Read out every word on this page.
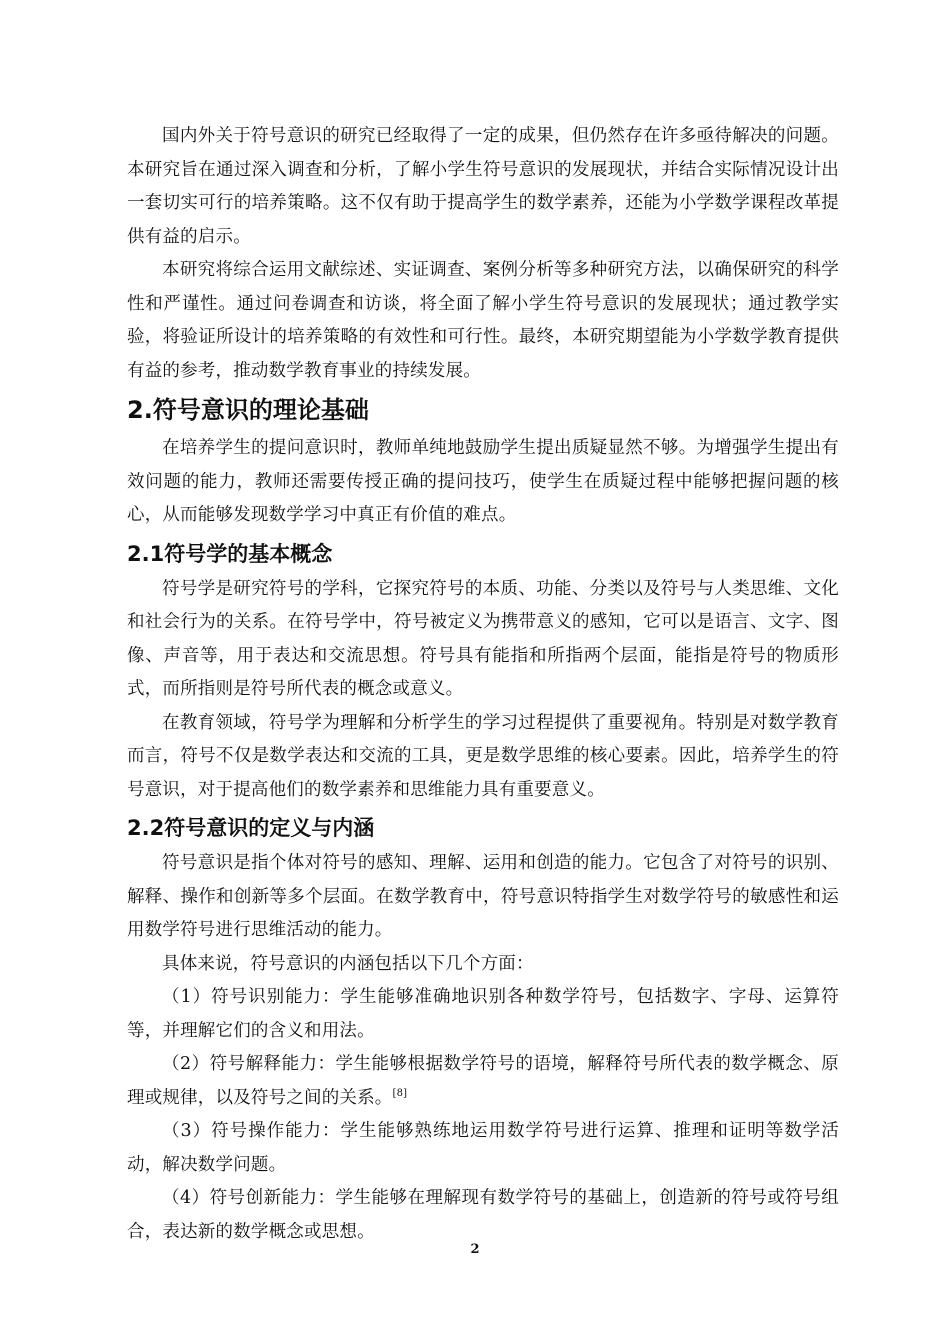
国内外关于符号意识的研究已经取得了一定的成果，但仍然存在许多亟待解决的问题。本研究旨在通过深入调查和分析，了解小学生符号意识的发展现状，并结合实际情况设计出一套切实可行的培养策略。这不仅有助于提高学生的数学素养，还能为小学数学课程改革提供有益的启示。

本研究将综合运用文献综述、实证调查、案例分析等多种研究方法，以确保研究的科学性和严谨性。通过问卷调查和访谈，将全面了解小学生符号意识的发展现状；通过教学实验，将验证所设计的培养策略的有效性和可行性。最终，本研究期望能为小学数学教育提供有益的参考，推动数学教育事业的持续发展。

2.符号意识的理论基础

在培养学生的提问意识时，教师单纯地鼓励学生提出质疑显然不够。为增强学生提出有效问题的能力，教师还需要传授正确的提问技巧，使学生在质疑过程中能够把握问题的核心，从而能够发现数学学习中真正有价值的难点。

2.1符号学的基本概念

符号学是研究符号的学科，它探究符号的本质、功能、分类以及符号与人类思维、文化和社会行为的关系。在符号学中，符号被定义为携带意义的感知，它可以是语言、文字、图像、声音等，用于表达和交流思想。符号具有能指和所指两个层面，能指是符号的物质形式，而所指则是符号所代表的概念或意义。

在教育领域，符号学为理解和分析学生的学习过程提供了重要视角。特别是对数学教育而言，符号不仅是数学表达和交流的工具，更是数学思维的核心要素。因此，培养学生的符号意识，对于提高他们的数学素养和思维能力具有重要意义。

2.2符号意识的定义与内涵

符号意识是指个体对符号的感知、理解、运用和创造的能力。它包含了对符号的识别、解释、操作和创新等多个层面。在数学教育中，符号意识特指学生对数学符号的敏感性和运用数学符号进行思维活动的能力。

具体来说，符号意识的内涵包括以下几个方面：

（1）符号识别能力：学生能够准确地识别各种数学符号，包括数字、字母、运算符等，并理解它们的含义和用法。

（2）符号解释能力：学生能够根据数学符号的语境，解释符号所代表的数学概念、原理或规律，以及符号之间的关系。[8]

（3）符号操作能力：学生能够熟练地运用数学符号进行运算、推理和证明等数学活动，解决数学问题。

（4）符号创新能力：学生能够在理解现有数学符号的基础上，创造新的符号或符号组合，表达新的数学概念或思想。

2
